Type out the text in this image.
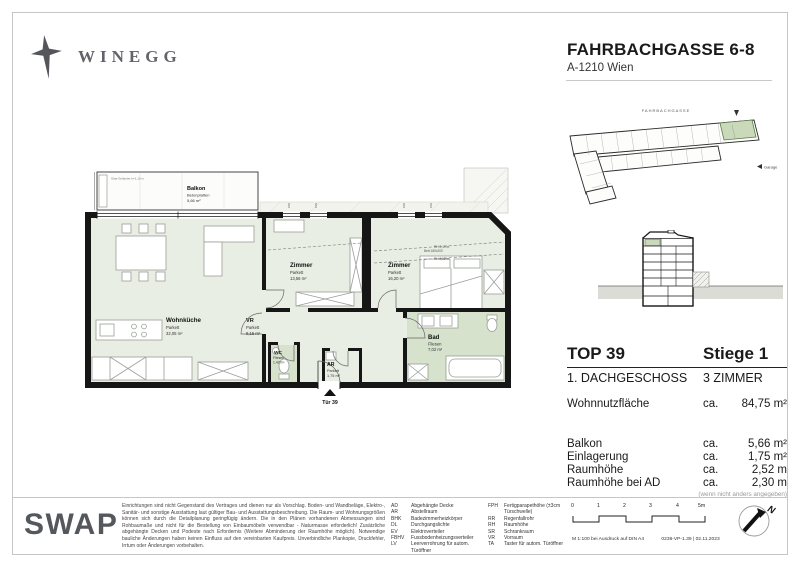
WINEGG	FAHRBACHGASSE 6-8
A-1210 Wien
FAHRBACHGASSE
Garage
Glas-Geländer h=1,10 m
Balkon
Betonplatten
5,66 m²
Bett 180x200
FPH	FPH	FPH	FPH
Tür 39
RH 2,19 m
RH 2,52 m
Wohnküche
Parkett
32,05 m²
Zimmer
Parkett
13,56 m²
Zimmer
Parkett
16,20 m²
VR
Parkett
9,15 m²
WC
Fliesen
1,42 m²	AR
Parkett
1,75 m²
Bad
Fliesen
7,02 m²	TOP 39	Stiege 1
1. DACHGESCHOSS	3 ZIMMER
Wohnnutzfläche	ca.	84,75 m²
Balkon	ca.	5,66 m²
Einlagerung	ca.	1,75 m²
Raumhöhe	ca.	2,52 m
Raumhöhe bei AD	ca.	2,30 m
(wenn nicht anders angegeben)
SWAP
Einrichtungen sind nicht Gegenstand des Vertrages und dienen nur als Vorschlag. Boden- und Wandbeläge, Elektro-, Sanitär- und sonstige Ausstattung laut gültiger Bau- und Ausstattungsbeschreibung. Die Raum- und Wohnungsgrößen können sich durch die Detailplanung geringfügig ändern. Die in den Plänen vorhandenen Abmessungen sind Rohbaumaße und nicht für die Bestellung von Einbaumöbeln verwendbar - Naturmasse erforderlich! Zusätzliche abgehängte Decken und Podeste nach Erfordernis (Weitere Abminderung der Raumhöhe möglich). Notwendige bauliche Änderungen haben keinen Einfluss auf den vereinbarten Kaufpreis. Unverbindliche Plankopie, Druckfehler, Irrtum oder Änderungen vorbehalten.
AD	Abgehängte Decke
AR	Abstellraum
BHK	Badezimmerheizkörper
DL	Durchgangslichte
EV	Elektroverteiler
FBHV	Fussbodenheizungsverteiler
LV	Leerverrohrung für autom. Türöffner
FPH	Fertigparapethöhe (±3cm Türschwelle)
RR	Regenfallrohr
RH	Raumhöhe
SR	Schrankraum
VR	Vorraum
TA	Taster für autom. Türöffner
0	1	2	3	4	5m
M 1:100 bei Ausdruck auf DIN A4	0236-VP-1.39 | 02.11.2023
N
